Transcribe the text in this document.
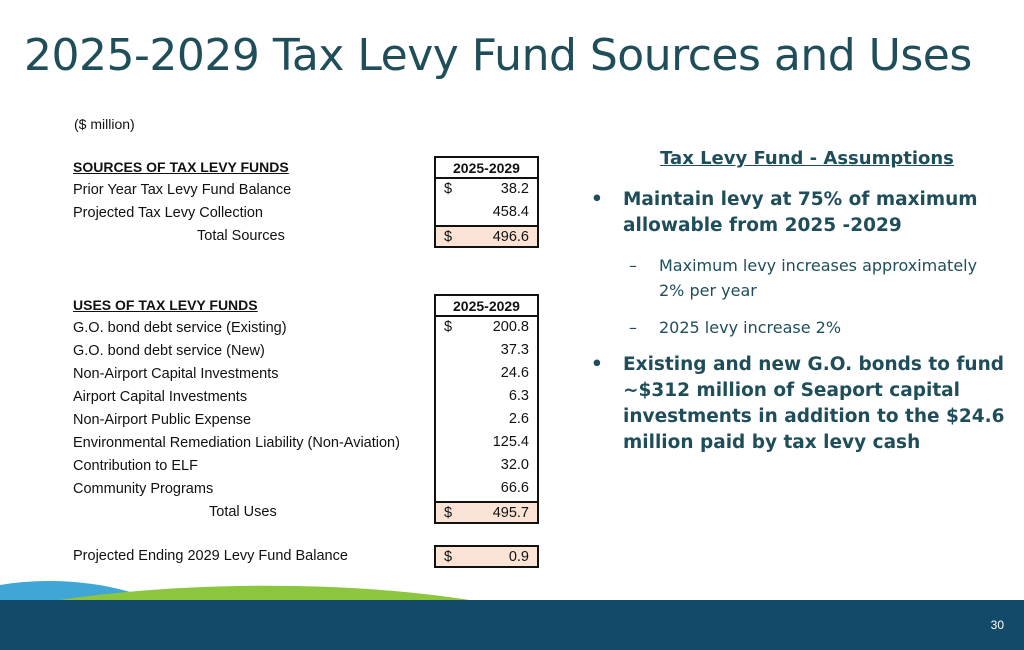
2025-2029 Tax Levy Fund Sources and Uses
($ million)
SOURCES OF TAX LEVY FUNDS	2025-2029
Prior Year Tax Levy Fund Balance	$	38.2
Projected Tax Levy Collection	458.4
Total Sources	$	496.6
USES OF TAX LEVY FUNDS	2025-2029
G.O. bond debt service (Existing)	$	200.8
G.O. bond debt service (New)	37.3
Non-Airport Capital Investments	24.6
Airport Capital Investments	6.3
Non-Airport Public Expense	2.6
Environmental Remediation Liability (Non-Aviation)	125.4
Contribution to ELF	32.0
Community Programs	66.6
Total Uses	$	495.7
Projected Ending 2029 Levy Fund Balance	$	0.9
Tax Levy Fund - Assumptions
• Maintain levy at 75% of maximum allowable from 2025 -2029
– Maximum levy increases approximately 2% per year
– 2025 levy increase 2%
• Existing and new G.O. bonds to fund ~$312 million of Seaport capital investments in addition to the $24.6 million paid by tax levy cash
30
